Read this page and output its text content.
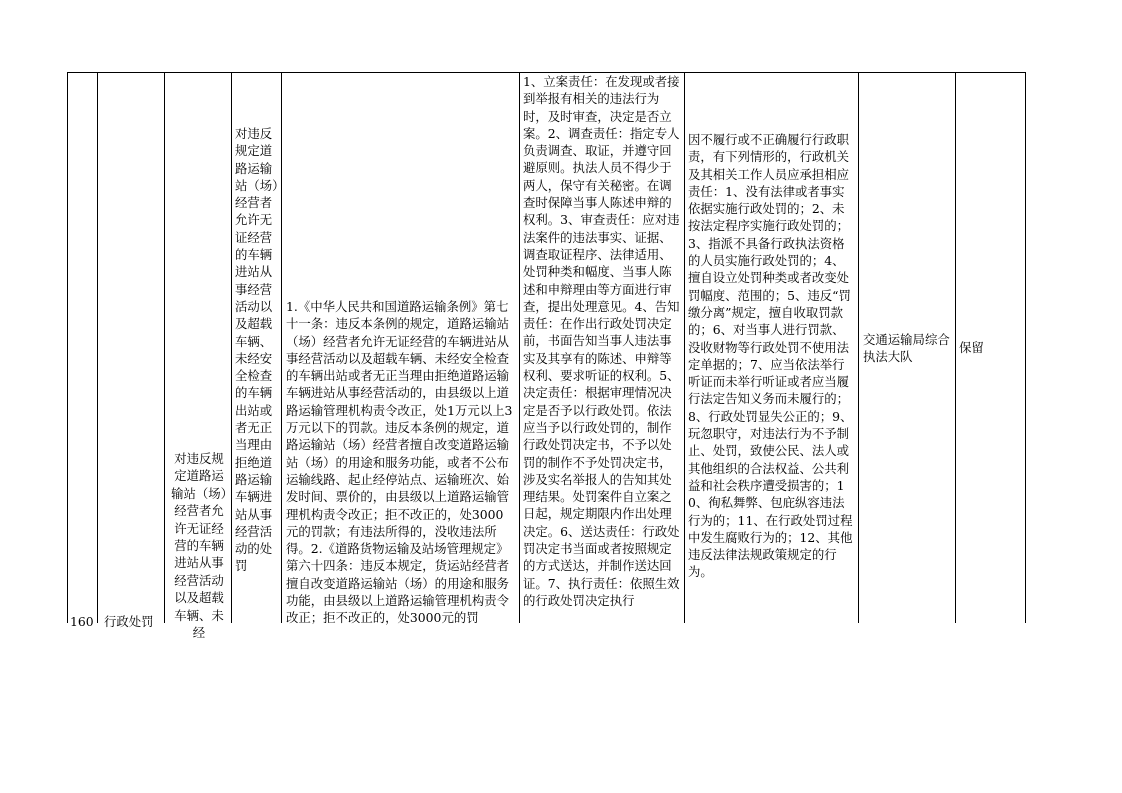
160 行政处罚
对违反规定道路运输站（场）经营者允许无证经营的车辆进站从事经营活动以及超载车辆、未经
对违反规定道路运输站（场）经营者允许无证经营的车辆进站从事经营活动以及超载车辆、未经安全检查的车辆出站或者无正当理由拒绝道路运输车辆进站从事经营活动的处罚
1.《中华人民共和国道路运输条例》第七十一条：违反本条例的规定，道路运输站（场）经营者允许无证经营的车辆进站从事经营活动以及超载车辆、未经安全检查的车辆出站或者无正当理由拒绝道路运输车辆进站从事经营活动的，由县级以上道路运输管理机构责令改正，处1万元以上3万元以下的罚款。违反本条例的规定，道路运输站（场）经营者擅自改变道路运输站（场）的用途和服务功能，或者不公布运输线路、起止经停站点、运输班次、始发时间、票价的，由县级以上道路运输管理机构责令改正；拒不改正的，处3000元的罚款；有违法所得的，没收违法所得。2.《道路货物运输及站场管理规定》第六十四条：违反本规定，货运站经营者擅自改变道路运输站（场）的用途和服务功能，由县级以上道路运输管理机构责令改正；拒不改正的，处3000元的罚
1、立案责任：在发现或者接到举报有相关的违法行为时，及时审查，决定是否立案。2、调查责任：指定专人负责调查、取证，并遵守回避原则。执法人员不得少于两人，保守有关秘密。在调查时保障当事人陈述申辩的权利。3、审查责任：应对违法案件的违法事实、证据、调查取证程序、法律适用、处罚种类和幅度、当事人陈述和申辩理由等方面进行审查，提出处理意见。4、告知责任：在作出行政处罚决定前，书面告知当事人违法事实及其享有的陈述、申辩等权利、要求听证的权利。5、决定责任：根据审理情况决定是否予以行政处罚。依法应当予以行政处罚的，制作行政处罚决定书，不予以处罚的制作不予处罚决定书，涉及实名举报人的告知其处理结果。处罚案件自立案之日起，规定期限内作出处理决定。6、送达责任：行政处罚决定书当面或者按照规定的方式送达，并制作送达回证。7、执行责任：依照生效的行政处罚决定执行
因不履行或不正确履行行政职责，有下列情形的，行政机关及其相关工作人员应承担相应责任：1、没有法律或者事实依据实施行政处罚的；2、未按法定程序实施行政处罚的；3、指派不具备行政执法资格的人员实施行政处罚的；4、擅自设立处罚种类或者改变处罚幅度、范围的；5、违反“罚缴分离”规定，擅自收取罚款的；6、对当事人进行罚款、没收财物等行政处罚不使用法定单据的；7、应当依法举行听证而未举行听证或者应当履行法定告知义务而未履行的；8、行政处罚显失公正的；9、玩忽职守，对违法行为不予制止、处罚，致使公民、法人或其他组织的合法权益、公共利益和社会秩序遭受损害的；10、徇私舞弊、包庇纵容违法行为的；11、在行政处罚过程中发生腐败行为的；12、其他违反法律法规政策规定的行为。
交通运输局综合执法大队
保留
